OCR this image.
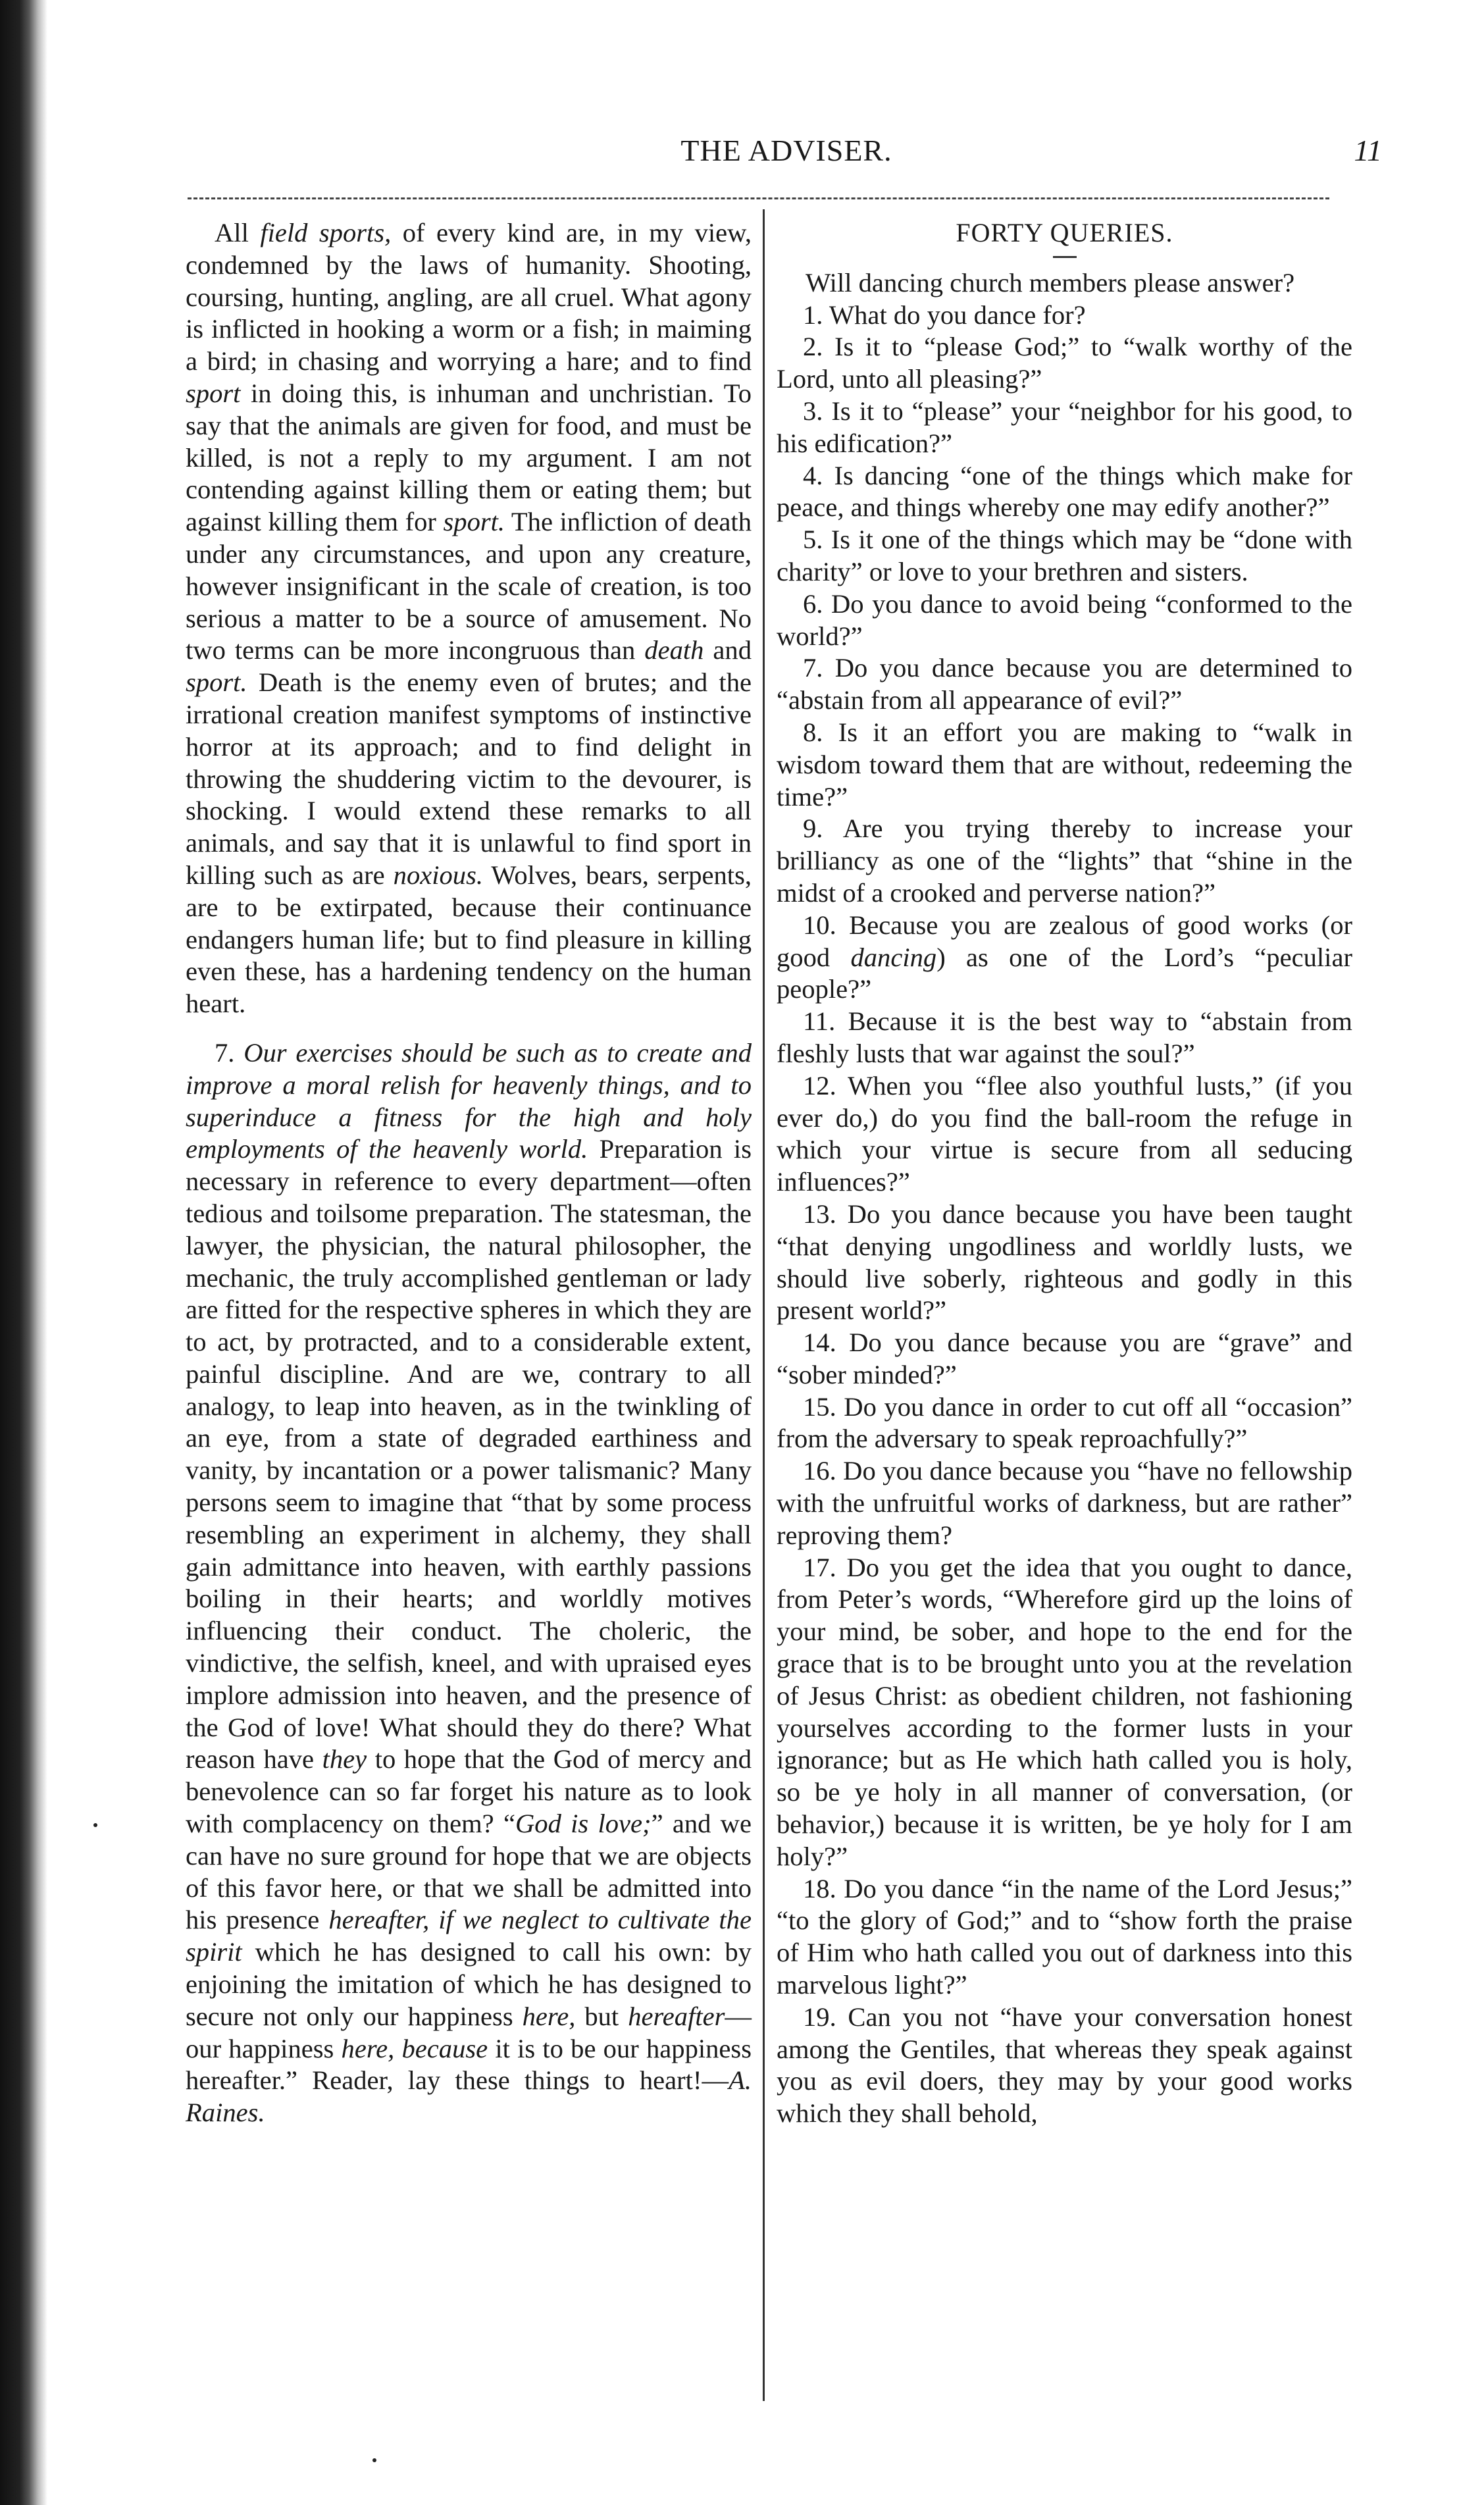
THE ADVISER.	11

All field sports, of every kind are, in my view, condemned by the laws of humanity. Shooting, coursing, hunting, angling, are all cruel. What agony is inflicted in hooking a worm or a fish; in maiming a bird; in chasing and worrying a hare; and to find sport in doing this, is inhuman and unchristian. To say that the animals are given for food, and must be killed, is not a reply to my argument. I am not contending against killing them or eating them; but against killing them for sport. The infliction of death under any circumstances, and upon any creature, however insignificant in the scale of creation, is too serious a matter to be a source of amusement. No two terms can be more incongruous than death and sport. Death is the enemy even of brutes; and the irrational creation manifest symptoms of instinctive horror at its approach; and to find delight in throwing the shuddering victim to the devourer, is shocking. I would extend these remarks to all animals, and say that it is unlawful to find sport in killing such as are noxious. Wolves, bears, serpents, are to be extirpated, because their continuance endangers human life; but to find pleasure in killing even these, has a hardening tendency on the human heart.

7. Our exercises should be such as to create and improve a moral relish for heavenly things, and to superinduce a fitness for the high and holy employments of the heavenly world. Preparation is necessary in reference to every department—often tedious and toilsome preparation. The statesman, the lawyer, the physician, the natural philosopher, the mechanic, the truly accomplished gentleman or lady are fitted for the respective spheres in which they are to act, by protracted, and to a considerable extent, painful discipline. And are we, contrary to all analogy, to leap into heaven, as in the twinkling of an eye, from a state of degraded earthiness and vanity, by incantation or a power talismanic? Many persons seem to imagine that “that by some process resembling an experiment in alchemy, they shall gain admittance into heaven, with earthly passions boiling in their hearts; and worldly motives influencing their conduct. The choleric, the vindictive, the selfish, kneel, and with upraised eyes implore admission into heaven, and the presence of the God of love! What should they do there? What reason have they to hope that the God of mercy and benevolence can so far forget his nature as to look with complacency on them? “God is love;” and we can have no sure ground for hope that we are objects of this favor here, or that we shall be admitted into his presence hereafter, if we neglect to cultivate the spirit which he has designed to call his own: by enjoining the imitation of which he has designed to secure not only our happiness here, but hereafter—our happiness here, because it is to be our happiness hereafter.” Reader, lay these things to heart!—A. Raines.

FORTY QUERIES.

Will dancing church members please answer?

1. What do you dance for?

2. Is it to “please God;” to “walk worthy of the Lord, unto all pleasing?”

3. Is it to “please” your “neighbor for his good, to his edification?”

4. Is dancing “one of the things which make for peace, and things whereby one may edify another?”

5. Is it one of the things which may be “done with charity” or love to your brethren and sisters.

6. Do you dance to avoid being “conformed to the world?”

7. Do you dance because you are determined to “abstain from all appearance of evil?”

8. Is it an effort you are making to “walk in wisdom toward them that are without, redeeming the time?”

9. Are you trying thereby to increase your brilliancy as one of the “lights” that “shine in the midst of a crooked and perverse nation?”

10. Because you are zealous of good works (or good dancing) as one of the Lord’s “peculiar people?”

11. Because it is the best way to “abstain from fleshly lusts that war against the soul?”

12. When you “flee also youthful lusts,” (if you ever do,) do you find the ball-room the refuge in which your virtue is secure from all seducing influences?”

13. Do you dance because you have been taught “that denying ungodliness and worldly lusts, we should live soberly, righteous and godly in this present world?”

14. Do you dance because you are “grave” and “sober minded?”

15. Do you dance in order to cut off all “occasion” from the adversary to speak reproachfully?”

16. Do you dance because you “have no fellowship with the unfruitful works of darkness, but are rather” reproving them?

17. Do you get the idea that you ought to dance, from Peter’s words, “Wherefore gird up the loins of your mind, be sober, and hope to the end for the grace that is to be brought unto you at the revelation of Jesus Christ: as obedient children, not fashioning yourselves according to the former lusts in your ignorance; but as He which hath called you is holy, so be ye holy in all manner of conversation, (or behavior,) because it is written, be ye holy for I am holy?”

18. Do you dance “in the name of the Lord Jesus;” “to the glory of God;” and to “show forth the praise of Him who hath called you out of darkness into this marvelous light?”

19. Can you not “have your conversation honest among the Gentiles, that whereas they speak against you as evil doers, they may by your good works which they shall behold,
